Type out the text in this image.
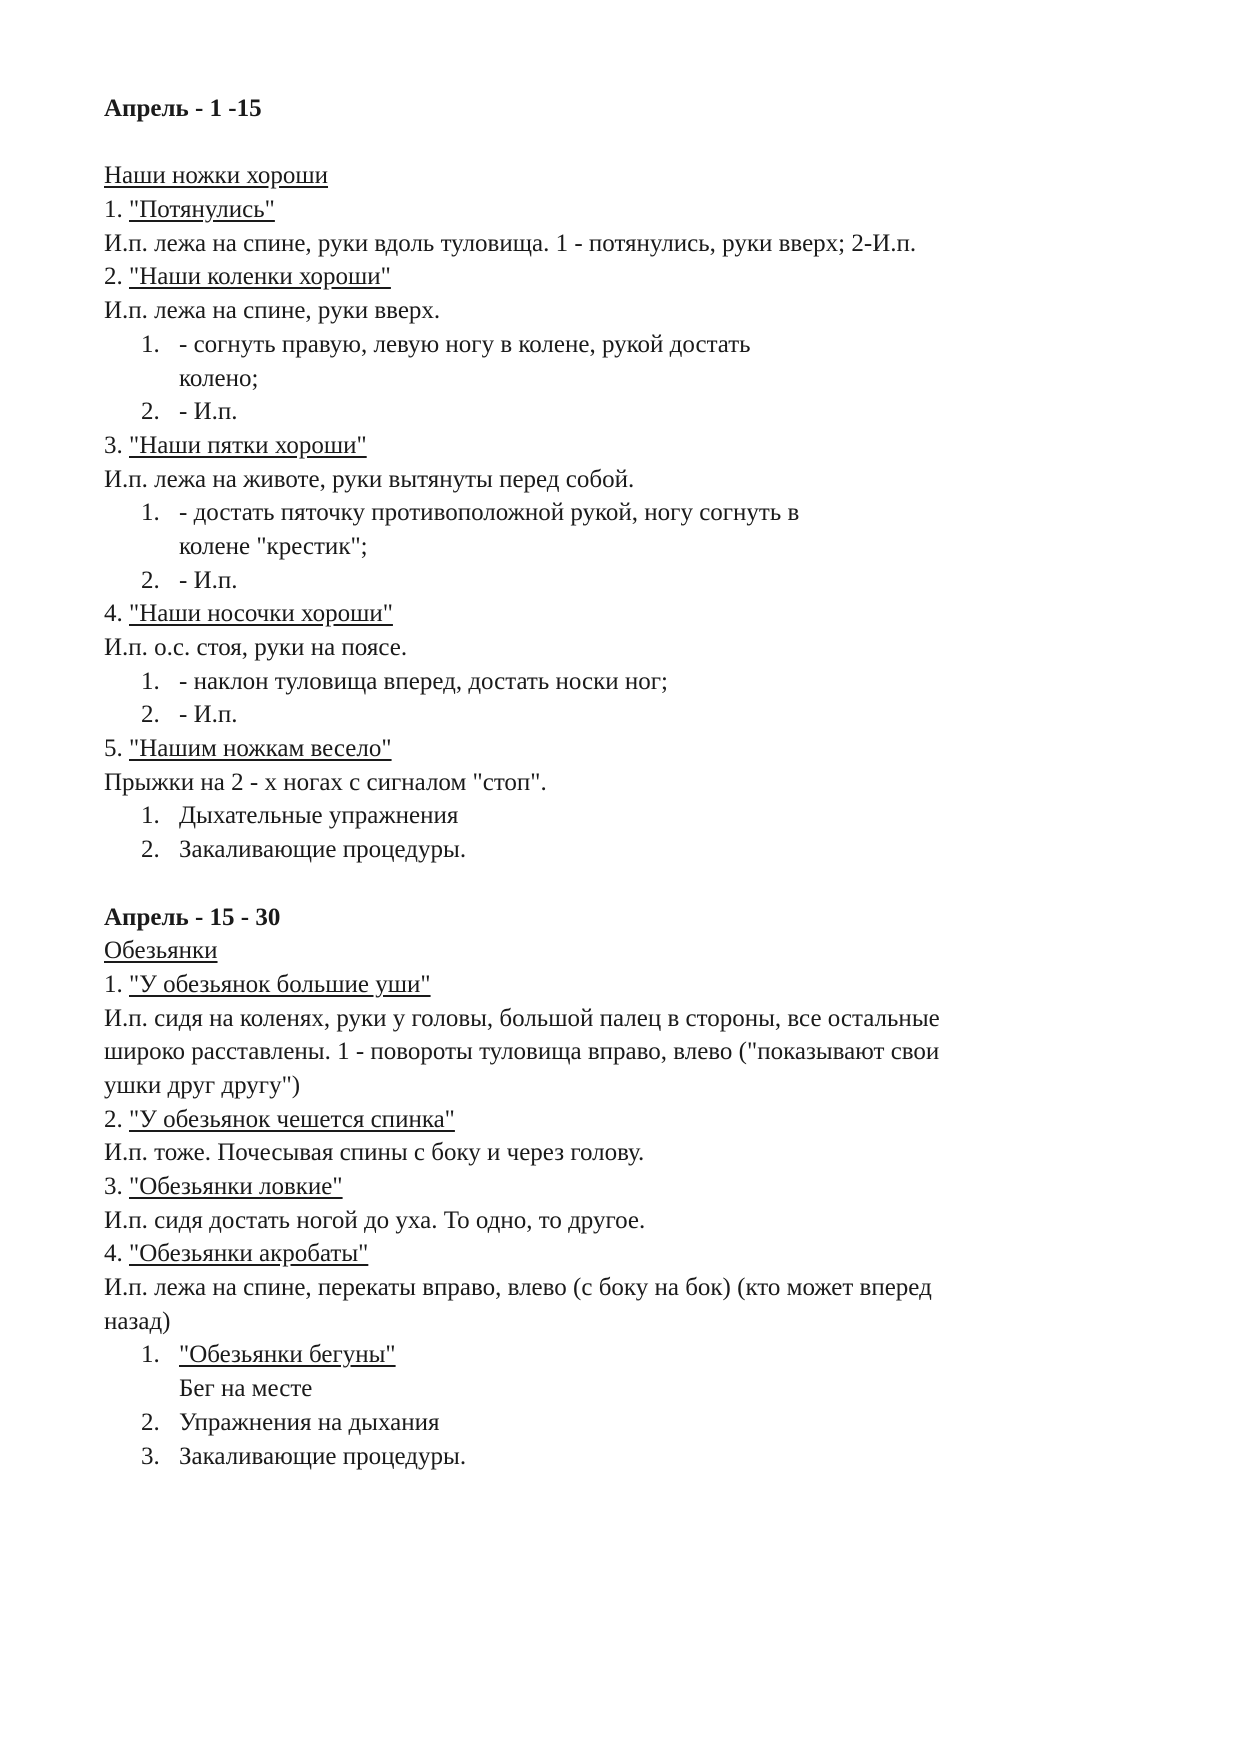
Апрель - 1 -15
Наши ножки хороши
1. "Потянулись"
И.п. лежа на спине, руки вдоль туловища. 1 - потянулись, руки вверх; 2-И.п.
2. "Наши коленки хороши"
И.п. лежа на спине, руки вверх.
1. - согнуть правую, левую ногу в колене, рукой достать
колено;
2. - И.п.
3. "Наши пятки хороши"
И.п. лежа на животе, руки вытянуты перед собой.
1. - достать пяточку противоположной рукой, ногу согнуть в
колене "крестик";
2. - И.п.
4. "Наши носочки хороши"
И.п. о.с. стоя, руки на поясе.
1. - наклон туловища вперед, достать носки ног;
2. - И.п.
5. "Нашим ножкам весело"
Прыжки на 2 - х ногах с сигналом "стоп".
1. Дыхательные упражнения
2. Закаливающие процедуры.
Апрель - 15 - 30
Обезьянки
1. "У обезьянок большие уши"
И.п. сидя на коленях, руки у головы, большой палец в стороны, все остальные
широко расставлены. 1 - повороты туловища вправо, влево ("показывают свои
ушки друг другу")
2. "У обезьянок чешется спинка"
И.п. тоже. Почесывая спины с боку и через голову.
3. "Обезьянки ловкие"
И.п. сидя достать ногой до уха. То одно, то другое.
4. "Обезьянки акробаты"
И.п. лежа на спине, перекаты вправо, влево (с боку на бок) (кто может вперед
назад)
1. "Обезьянки бегуны"
Бег на месте
2. Упражнения на дыхания
3. Закаливающие процедуры.
